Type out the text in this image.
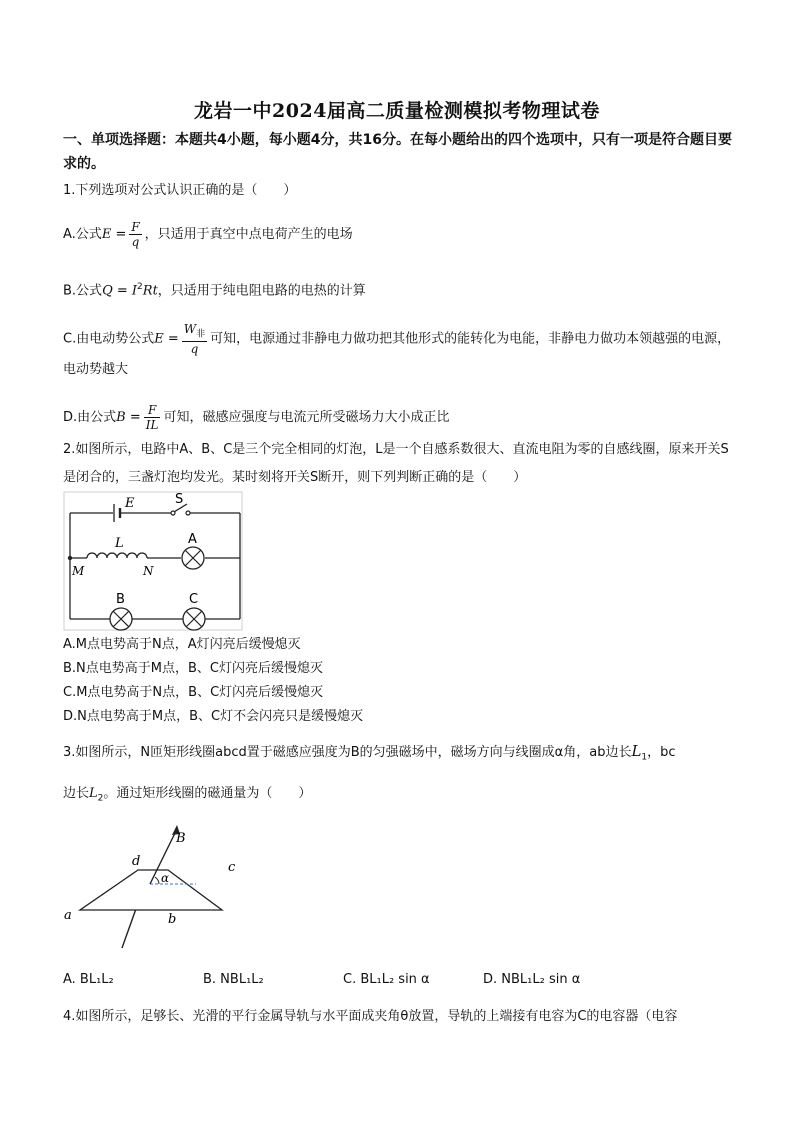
龙岩一中2024届高二质量检测模拟考物理试卷
一、单项选择题：本题共4小题，每小题4分，共16分。在每小题给出的四个选项中，只有一项是符合题目要求的。
1.下列选项对公式认识正确的是（　　）
A.公式$E = \frac{F}{q}$ ，只适用于真空中点电荷产生的电场
B.公式$Q = I^2Rt$，只适用于纯电阻电路的电热的计算
C.由电动势公式$E = \frac{W_非}{q}$ 可知，电源通过非静电力做功把其他形式的能转化为电能，非静电力做功本领越强的电源，电动势越大
D.由公式$B = \frac{F}{IL}$ 可知，磁感应强度与电流元所受磁场力大小成正比
2.如图所示，电路中A、B、C是三个完全相同的灯泡，L是一个自感系数很大、直流电阻为零的自感线圈，原来开关S是闭合的，三盏灯泡均发光。某时刻将开关S断开，则下列判断正确的是（　　）
E	S
L
M	N
A
B	C
A.M点电势高于N点，A灯闪亮后缓慢熄灭
B.N点电势高于M点，B、C灯闪亮后缓慢熄灭
C.M点电势高于N点，B、C灯闪亮后缓慢熄灭
D.N点电势高于M点，B、C灯不会闪亮只是缓慢熄灭
3.如图所示，N匝矩形线圈abcd置于磁感应强度为B的匀强磁场中，磁场方向与线圈成α角，ab边长$L_1$，bc
边长$L_2$。通过矩形线圈的磁通量为（　　）
B
α
d	c
a	b
A. BL₁L₂	B. NBL₁L₂	C. BL₁L₂ sin α	D. NBL₁L₂ sin α
4.如图所示，足够长、光滑的平行金属导轨与水平面成夹角θ放置，导轨的上端接有电容为C的电容器（电容
